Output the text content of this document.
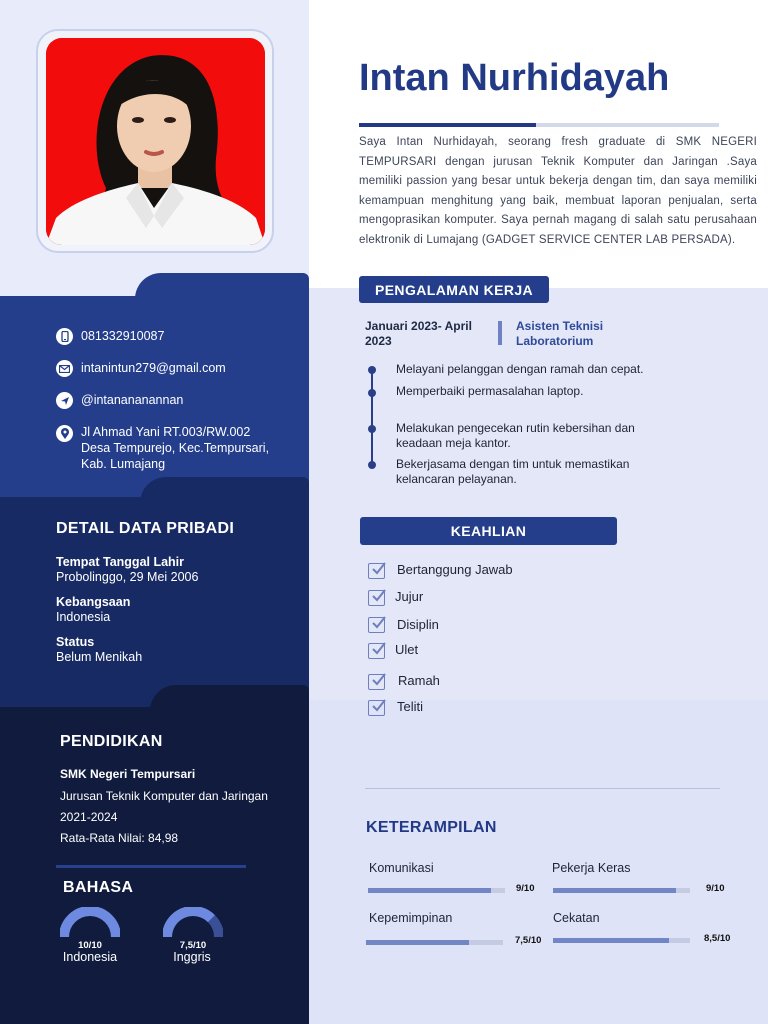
Intan Nurhidayah
Saya Intan Nurhidayah, seorang fresh graduate di SMK NEGERI TEMPURSARI dengan jurusan Teknik Komputer dan Jaringan .Saya memiliki passion yang besar untuk bekerja dengan tim, dan saya memiliki kemampuan menghitung yang baik, membuat laporan penjualan, serta mengoprasikan komputer. Saya pernah magang di salah satu perusahaan elektronik di Lumajang (GADGET SERVICE CENTER LAB PERSADA).
081332910087
intanintun279@gmail.com
@intanananannan
Jl Ahmad Yani RT.003/RW.002
Desa Tempurejo, Kec.Tempursari,
Kab. Lumajang
DETAIL DATA PRIBADI
Tempat Tanggal Lahir
Probolinggo, 29 Mei 2006
Kebangsaan
Indonesia
Status
Belum Menikah
PENDIDIKAN
SMK Negeri Tempursari
Jurusan Teknik Komputer dan Jaringan
2021-2024
Rata-Rata Nilai: 84,98
BAHASA
10/10
Indonesia
7,5/10
Inggris
PENGALAMAN KERJA
Januari 2023- April 2023
Asisten Teknisi Laboratorium
Melayani pelanggan dengan ramah dan cepat.
Memperbaiki permasalahan laptop.
Melakukan pengecekan rutin kebersihan dan keadaan meja kantor.
Bekerjasama dengan tim untuk memastikan kelancaran pelayanan.
KEAHLIAN
Bertanggung Jawab
Jujur
Disiplin
Ulet
Ramah
Teliti
KETERAMPILAN
Komunikasi
9/10
Pekerja Keras
9/10
Kepemimpinan
7,5/10
Cekatan
8,5/10
